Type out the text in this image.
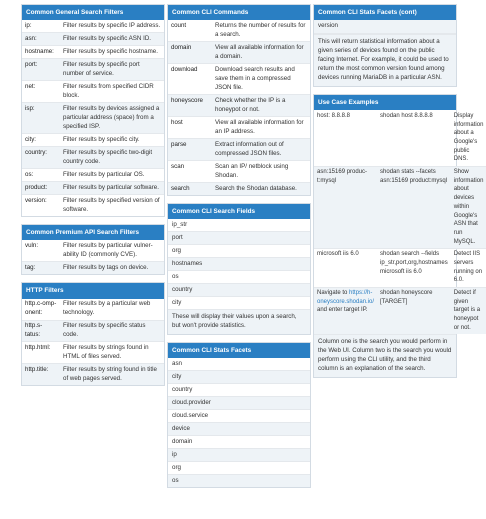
Common General Search Filters
ip:	Filter results by specific IP address.
asn:	Filter results by specific ASN ID.
hostname:	Filter results by specific hostname.
port:	Filter results by specific port number of service.
net:	Filter results from specified CIDR block.
isp:	Filter results by devices assigned a particular address (space) from a specified ISP.
city:	Filter results by specific city.
country:	Filter results by specific two-digit country code.
os:	Filter results by particular OS.
product:	Filter results by particular software.
version:	Filter results by specified version of software.
Common Premium API Search Filters
vuln:	Filter results by particular vulner-ability ID (commonly CVE).
tag:	Filter results by tags on device.
HTTP Filters
http.c-omp-onent:	Filter results by a particular web technology.
http.s-tatus:	Filter results by specific status code.
http.html:	Filter results by strings found in HTML of files served.
http.title:	Filter results by string found in title of web pages served.
Common CLI Commands
count	Returns the number of results for a search.
domain	View all available information for a domain.
download	Download search results and save them in a compressed JSON file.
honeyscore	Check whether the IP is a honeypot or not.
host	View all available information for an IP address.
parse	Extract information out of compressed JSON files.
scan	Scan an IP/ netblock using Shodan.
search	Search the Shodan database.
Common CLI Search Fields
ip_str
port
org
hostnames
os
country
city
These will display their values upon a search, but won't provide statistics.
Common CLI Stats Facets
asn
city
country
cloud.provider
cloud.service
device
domain
ip
org
os
Common CLI Stats Facets (cont)
version
This will return statistical information about a given series of devices found on the public facing Internet. For example, it could be used to return the most common version found among devices running MariaDB in a particular ASN.
Use Case Examples
host: 8.8.8.8	shodan host 8.8.8.8	Display information about a Google's public DNS.
asn:15169 produc-t:mysql	shodan stats --facets asn:15169 product:mysql	Show information about devices within Google's ASN that run MySQL.
microsoft iis 6.0	shodan search --fields ip_str,port,org,hostnames microsoft iis 6.0	Detect IIS servers running on 6.0.
Navigate to https://h-oneyscore.shodan.io/ and enter target IP.	shodan honeyscore [TARGET]	Detect if given target is a honeypot or not.
Column one is the search you would perform in the Web UI. Column two is the search you would perform using the CLI utility, and the third column is an explanation of the search.
